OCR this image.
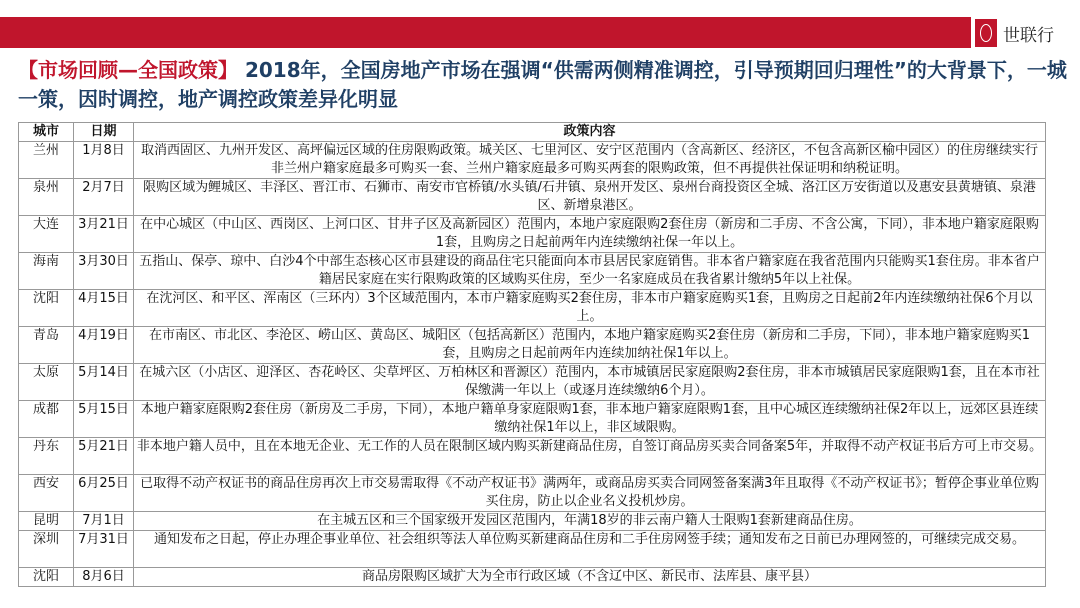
世联行
【市场回顾—全国政策】 2018年，全国房地产市场在强调“供需两侧精准调控，引导预期回归理性”的大背景下，一城一策，因时调控，地产调控政策差异化明显
城市	日期	政策内容
兰州	1月8日	取消西固区、九州开发区、高坪偏远区域的住房限购政策。城关区、七里河区、安宁区范围内（含高新区、经济区，不包含高新区榆中园区）的住房继续实行非兰州户籍家庭最多可购买一套、兰州户籍家庭最多可购买两套的限购政策，但不再提供社保证明和纳税证明。
泉州	2月7日	限购区域为鲤城区、丰泽区、晋江市、石狮市、南安市官桥镇/水头镇/石井镇、泉州开发区、泉州台商投资区全城、洛江区万安街道以及惠安县黄塘镇、泉港区、新增泉港区。
大连	3月21日	在中心城区（中山区、西岗区、上河口区、甘井子区及高新园区）范围内，本地户家庭限购2套住房（新房和二手房、不含公寓，下同），非本地户籍家庭限购1套，且购房之日起前两年内连续缴纳社保一年以上。
海南	3月30日	五指山、保亭、琼中、白沙4个中部生态核心区市县建设的商品住宅只能面向本市县居民家庭销售。非本省户籍家庭在我省范围内只能购买1套住房。非本省户籍居民家庭在实行限购政策的区域购买住房，至少一名家庭成员在我省累计缴纳5年以上社保。
沈阳	4月15日	在沈河区、和平区、浑南区（三环内）3个区域范围内，本市户籍家庭购买2套住房，非本市户籍家庭购买1套，且购房之日起前2年内连续缴纳社保6个月以上。
青岛	4月19日	在市南区、市北区、李沧区、崂山区、黄岛区、城阳区（包括高新区）范围内，本地户籍家庭购买2套住房（新房和二手房，下同），非本地户籍家庭购买1套，且购房之日起前两年内连续加纳社保1年以上。
太原	5月14日	在城六区（小店区、迎泽区、杏花岭区、尖草坪区、万柏林区和晋源区）范围内，本市城镇居民家庭限购2套住房，非本市城镇居民家庭限购1套，且在本市社保缴满一年以上（或逐月连续缴纳6个月）。
成都	5月15日	本地户籍家庭限购2套住房（新房及二手房，下同），本地户籍单身家庭限购1套，非本地户籍家庭限购1套，且中心城区连续缴纳社保2年以上，远郊区县连续缴纳社保1年以上，非区域限购。
丹东	5月21日	非本地户籍人员中，且在本地无企业、无工作的人员在限制区域内购买新建商品住房，自签订商品房买卖合同备案5年，并取得不动产权证书后方可上市交易。
西安	6月25日	已取得不动产权证书的商品住房再次上市交易需取得《不动产权证书》满两年，或商品房买卖合同网签备案满3年且取得《不动产权证书》；暂停企事业单位购买住房，防止以企业名义投机炒房。
昆明	7月1日	在主城五区和三个国家级开发园区范围内，年满18岁的非云南户籍人士限购1套新建商品住房。
深圳	7月31日	通知发布之日起，停止办理企事业单位、社会组织等法人单位购买新建商品住房和二手住房网签手续；通知发布之日前已办理网签的，可继续完成交易。
沈阳	8月6日	商品房限购区域扩大为全市行政区域（不含辽中区、新民市、法库县、康平县）
